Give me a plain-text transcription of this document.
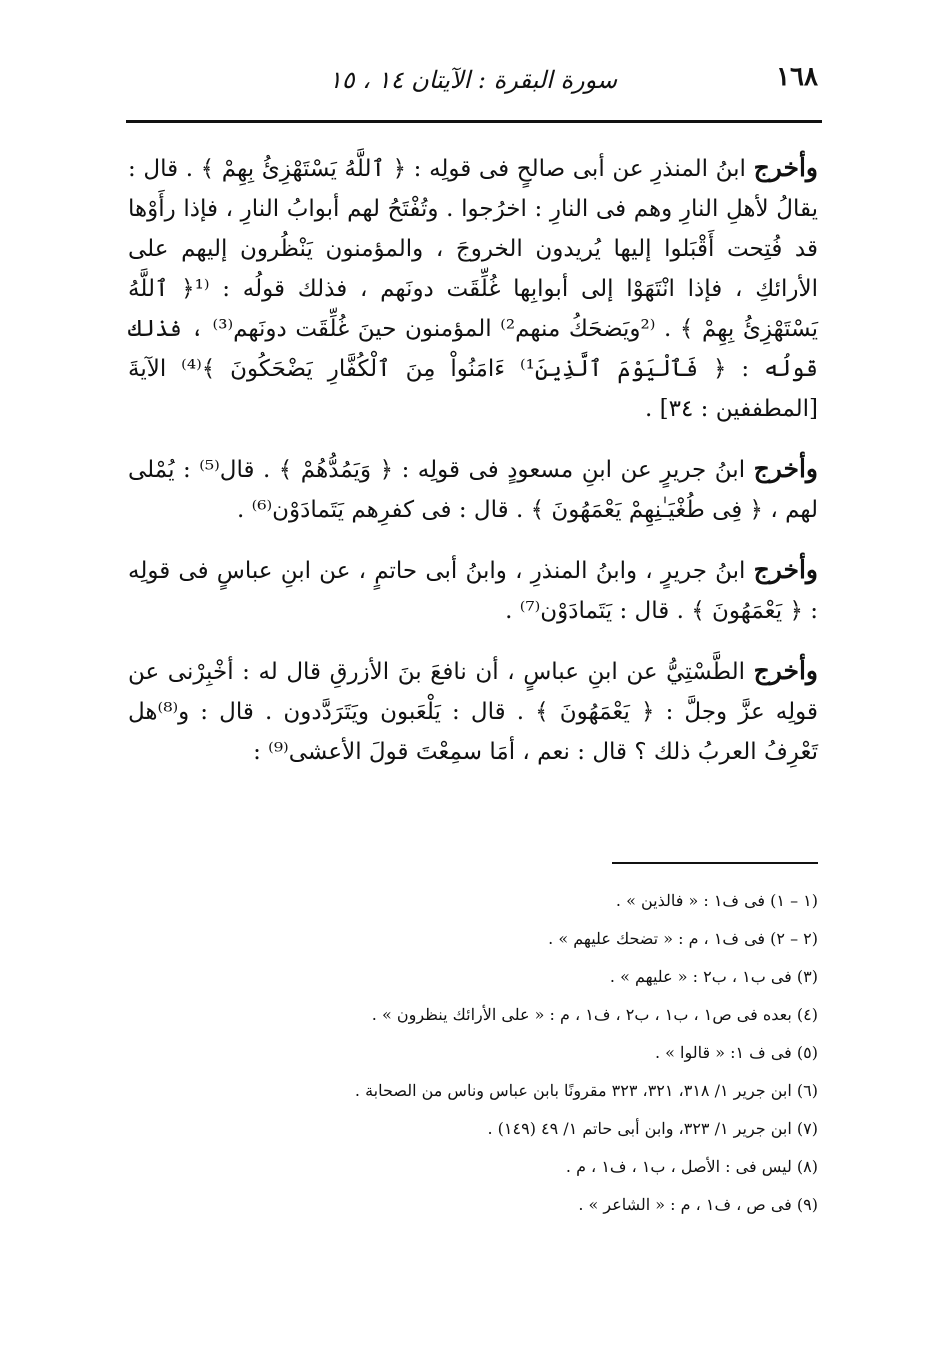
١٦٨
سورة البقرة : الآيتان ١٤ ، ١٥

وأخرج ابنُ المنذرِ عن أبى صالحٍ فى قولِه : ﴿ ٱللَّهُ يَسْتَهْزِئُ بِهِمْ ﴾ . قال : يقالُ لأهلِ النارِ وهم فى النارِ : اخرُجوا . وتُفْتَحُ لهم أبوابُ النارِ ، فإذا رأَوْها قد فُتِحت أَقْبَلوا إليها يُريدون الخروجَ ، والمؤمنون يَنْظُرون إليهم على الأرائكِ ، فإذا انْتَهَوْا إلى أبوابِها غُلِّقَت دونَهم ، فذلك قولُه : ⁽¹﴿ ٱللَّهُ يَسْتَهْزِئُ بِهِمْ ﴾ . ⁽²ويَضحَكُ منهم²⁾ المؤمنون حينَ غُلِّقَت دونَهم⁽³⁾ ، فذلك قولُه : ﴿ فَٱلْيَوْمَ ٱلَّذِينَ¹⁾ ءَامَنُواْ مِنَ ٱلْكُفَّارِ يَضْحَكُونَ ﴾⁽⁴⁾ الآيةَ [المطففين : ٣٤] .

وأخرج ابنُ جريرٍ عن ابنِ مسعودٍ فى قولِه : ﴿ وَيَمُدُّهُمْ ﴾ . قال⁽⁵⁾ : يُمْلى لهم ، ﴿ فِى طُغْيَـٰنِهِمْ يَعْمَهُونَ ﴾ . قال : فى كفرِهم يَتَمادَوْن⁽⁶⁾ .

وأخرج ابنُ جريرٍ ، وابنُ المنذرِ ، وابنُ أبى حاتمٍ ، عن ابنِ عباسٍ فى قولِه : ﴿ يَعْمَهُونَ ﴾ . قال : يَتَمادَوْن⁽⁷⁾ .

وأخرج الطَّسْتِيُّ عن ابنِ عباسٍ ، أن نافعَ بنَ الأزرقِ قال له : أخْبِرْنى عن قولِه عزَّ وجلَّ : ﴿ يَعْمَهُونَ ﴾ . قال : يَلْعَبون ويَتَرَدَّدون . قال : و⁽⁸⁾هل تَعْرِفُ العربُ ذلك ؟ قال : نعم ، أمَا سمِعْتَ قولَ الأعشى⁽⁹⁾ :

(١ – ١) فى ف١ : « فالذين » .
(٢ – ٢) فى ف١ ، م : « تضحك عليهم » .
(٣) فى ب١ ، ب٢ : « عليهم » .
(٤) بعده فى ص١ ، ب١ ، ب٢ ، ف١ ، م : « على الأرائك ينظرون » .
(٥) فى ف ١: « قالوا » .
(٦) ابن جرير ١/ ٣١٨، ٣٢١، ٣٢٣ مقرونًا بابن عباس وناس من الصحابة .
(٧) ابن جرير ١/ ٣٢٣، وابن أبى حاتم ١/ ٤٩ (١٤٩) .
(٨) ليس فى : الأصل ، ب١ ، ف١ ، م .
(٩) فى ص ، ف١ ، م : « الشاعر » .
